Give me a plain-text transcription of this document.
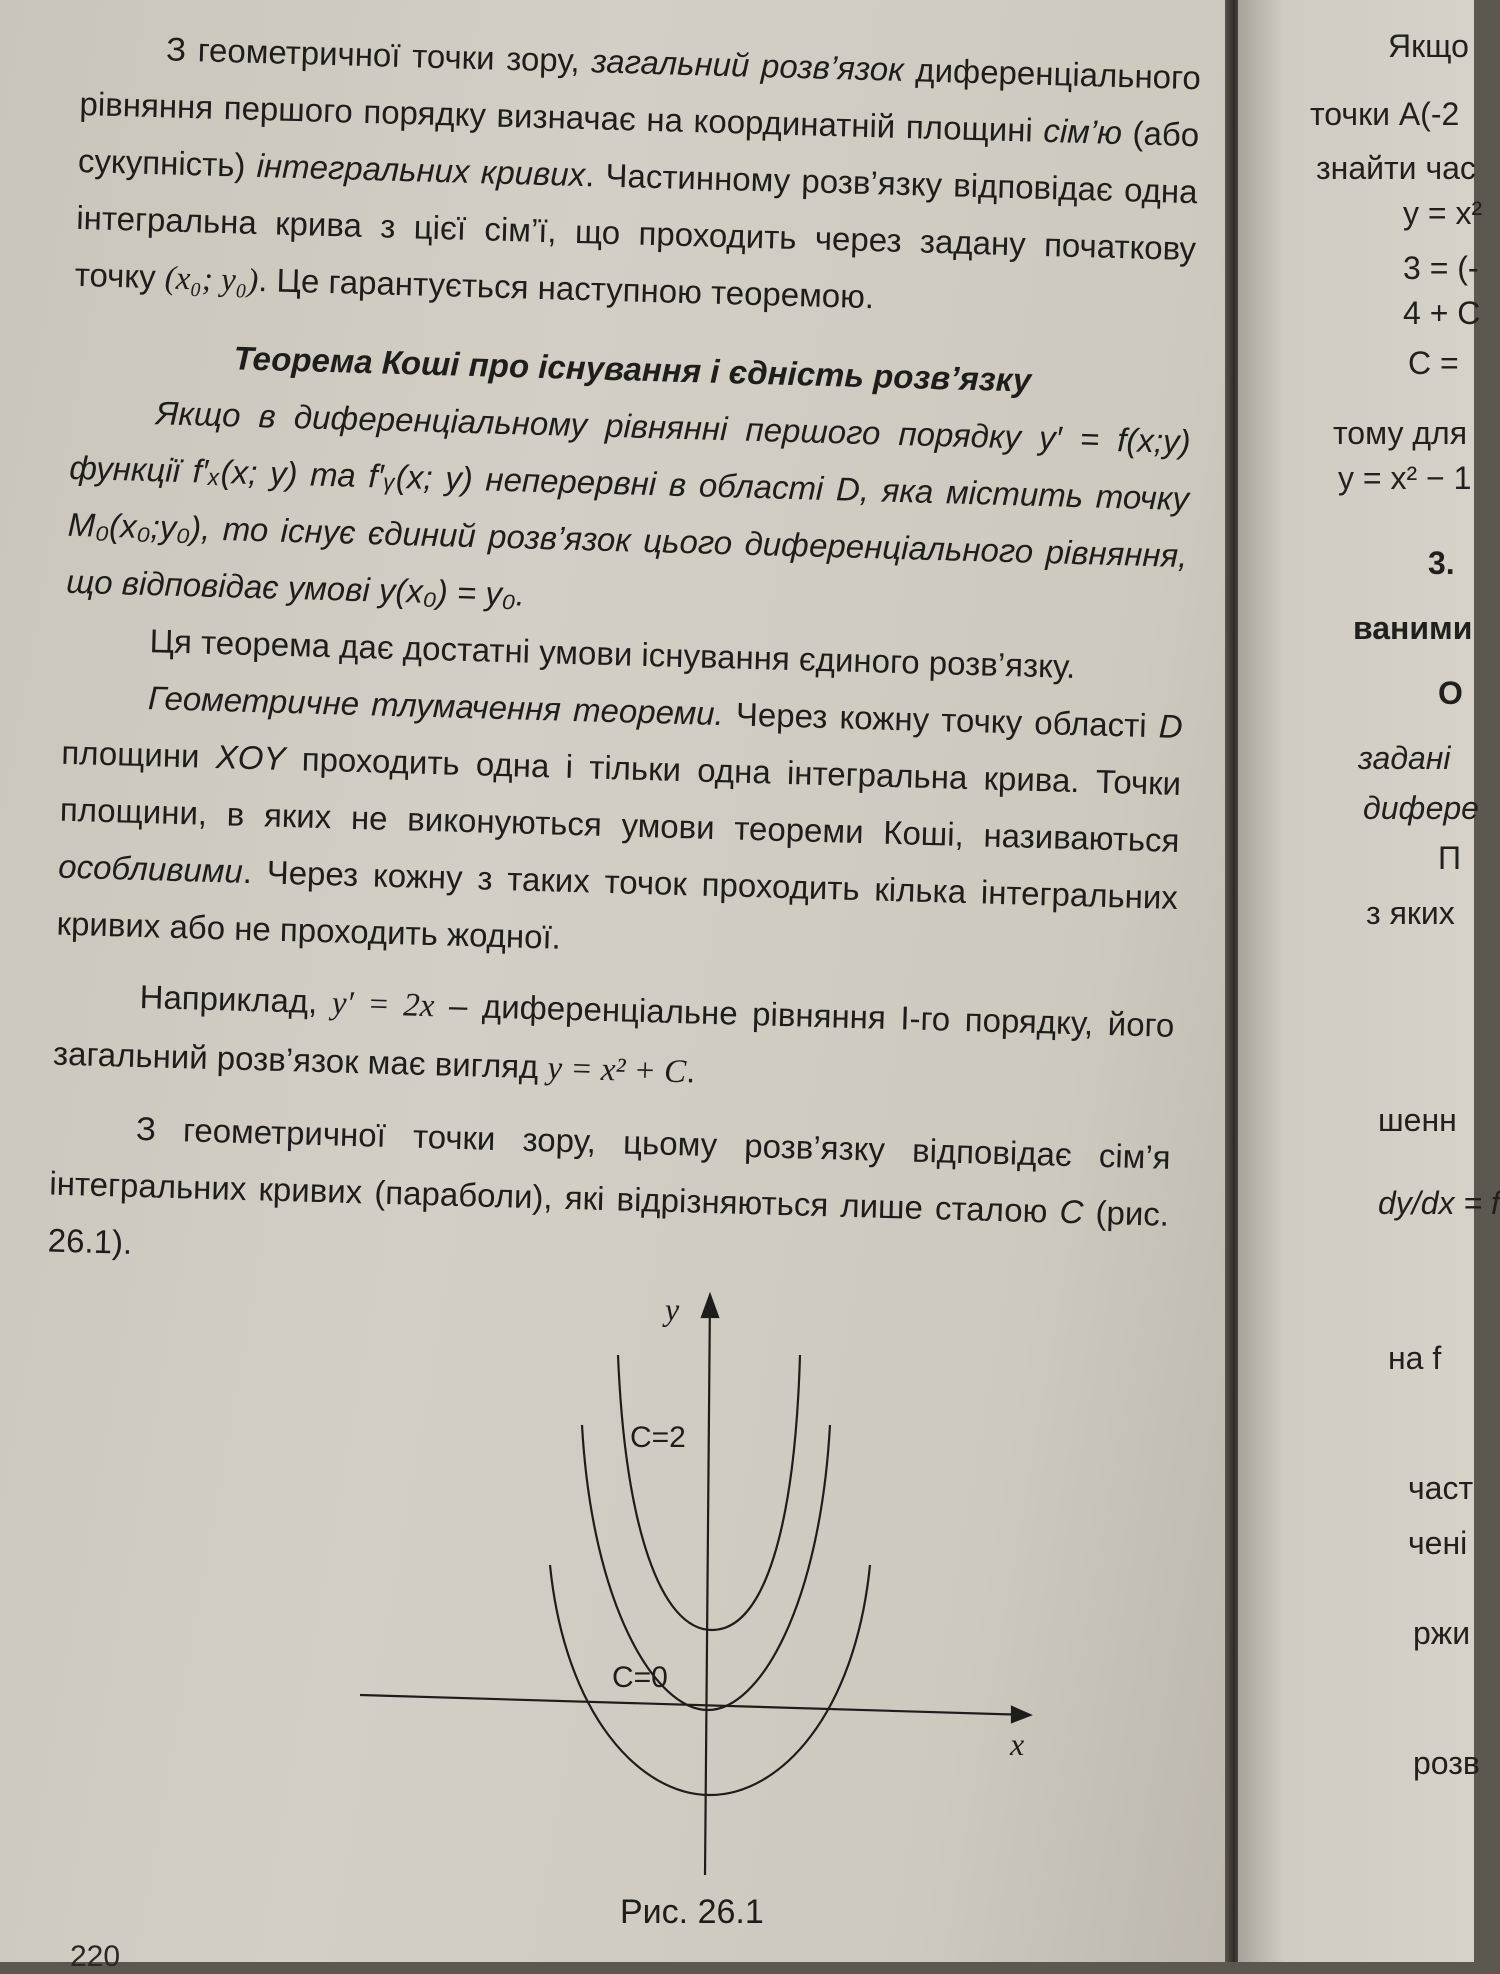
З геометричної точки зору, загальний розв’язок диференціального рівняння першого порядку визначає на координатній площині сім’ю (або сукупність) інтегральних кривих. Частинному розв’язку відповідає одна інтегральна крива з цієї сім’ї, що проходить через задану початкову точку (x₀; y₀). Це гарантується наступною теоремою.

Теорема Коші про існування і єдність розв’язку

Якщо в диференціальному рівнянні першого порядку y′ = f(x;y) функції f′ₓ(x; y) та f′ᵧ(x; y) неперервні в області D, яка містить точку M₀(x₀;y₀), то існує єдиний розв’язок цього диференціального рівняння, що відповідає умові y(x₀) = y₀.

Ця теорема дає достатні умови існування єдиного розв’язку.

Геометричне тлумачення теореми. Через кожну точку області D площини XOY проходить одна і тільки одна інтегральна крива. Точки площини, в яких не виконуються умови теореми Коші, називаються особливими. Через кожну з таких точок проходить кілька інтегральних кривих або не проходить жодної.

Наприклад, y′ = 2x – диференціальне рівняння I-го порядку, його загальний розв’язок має вигляд y = x² + C.

З геометричної точки зору, цьому розв’язку відповідає сім’я інтегральних кривих (параболи), які відрізняються лише сталою C (рис. 26.1).

y
x
C=2
C=0
Рис. 26.1
220
Якщо
точки A(-2
знайти час
y = x²
3 = (-
4 + C
C =
тому для
y = x² − 1
3.
ваними
О
задані
дифере
П
з яких
шенн
dy/dx = f
на f
част
чені
ржи
розв
